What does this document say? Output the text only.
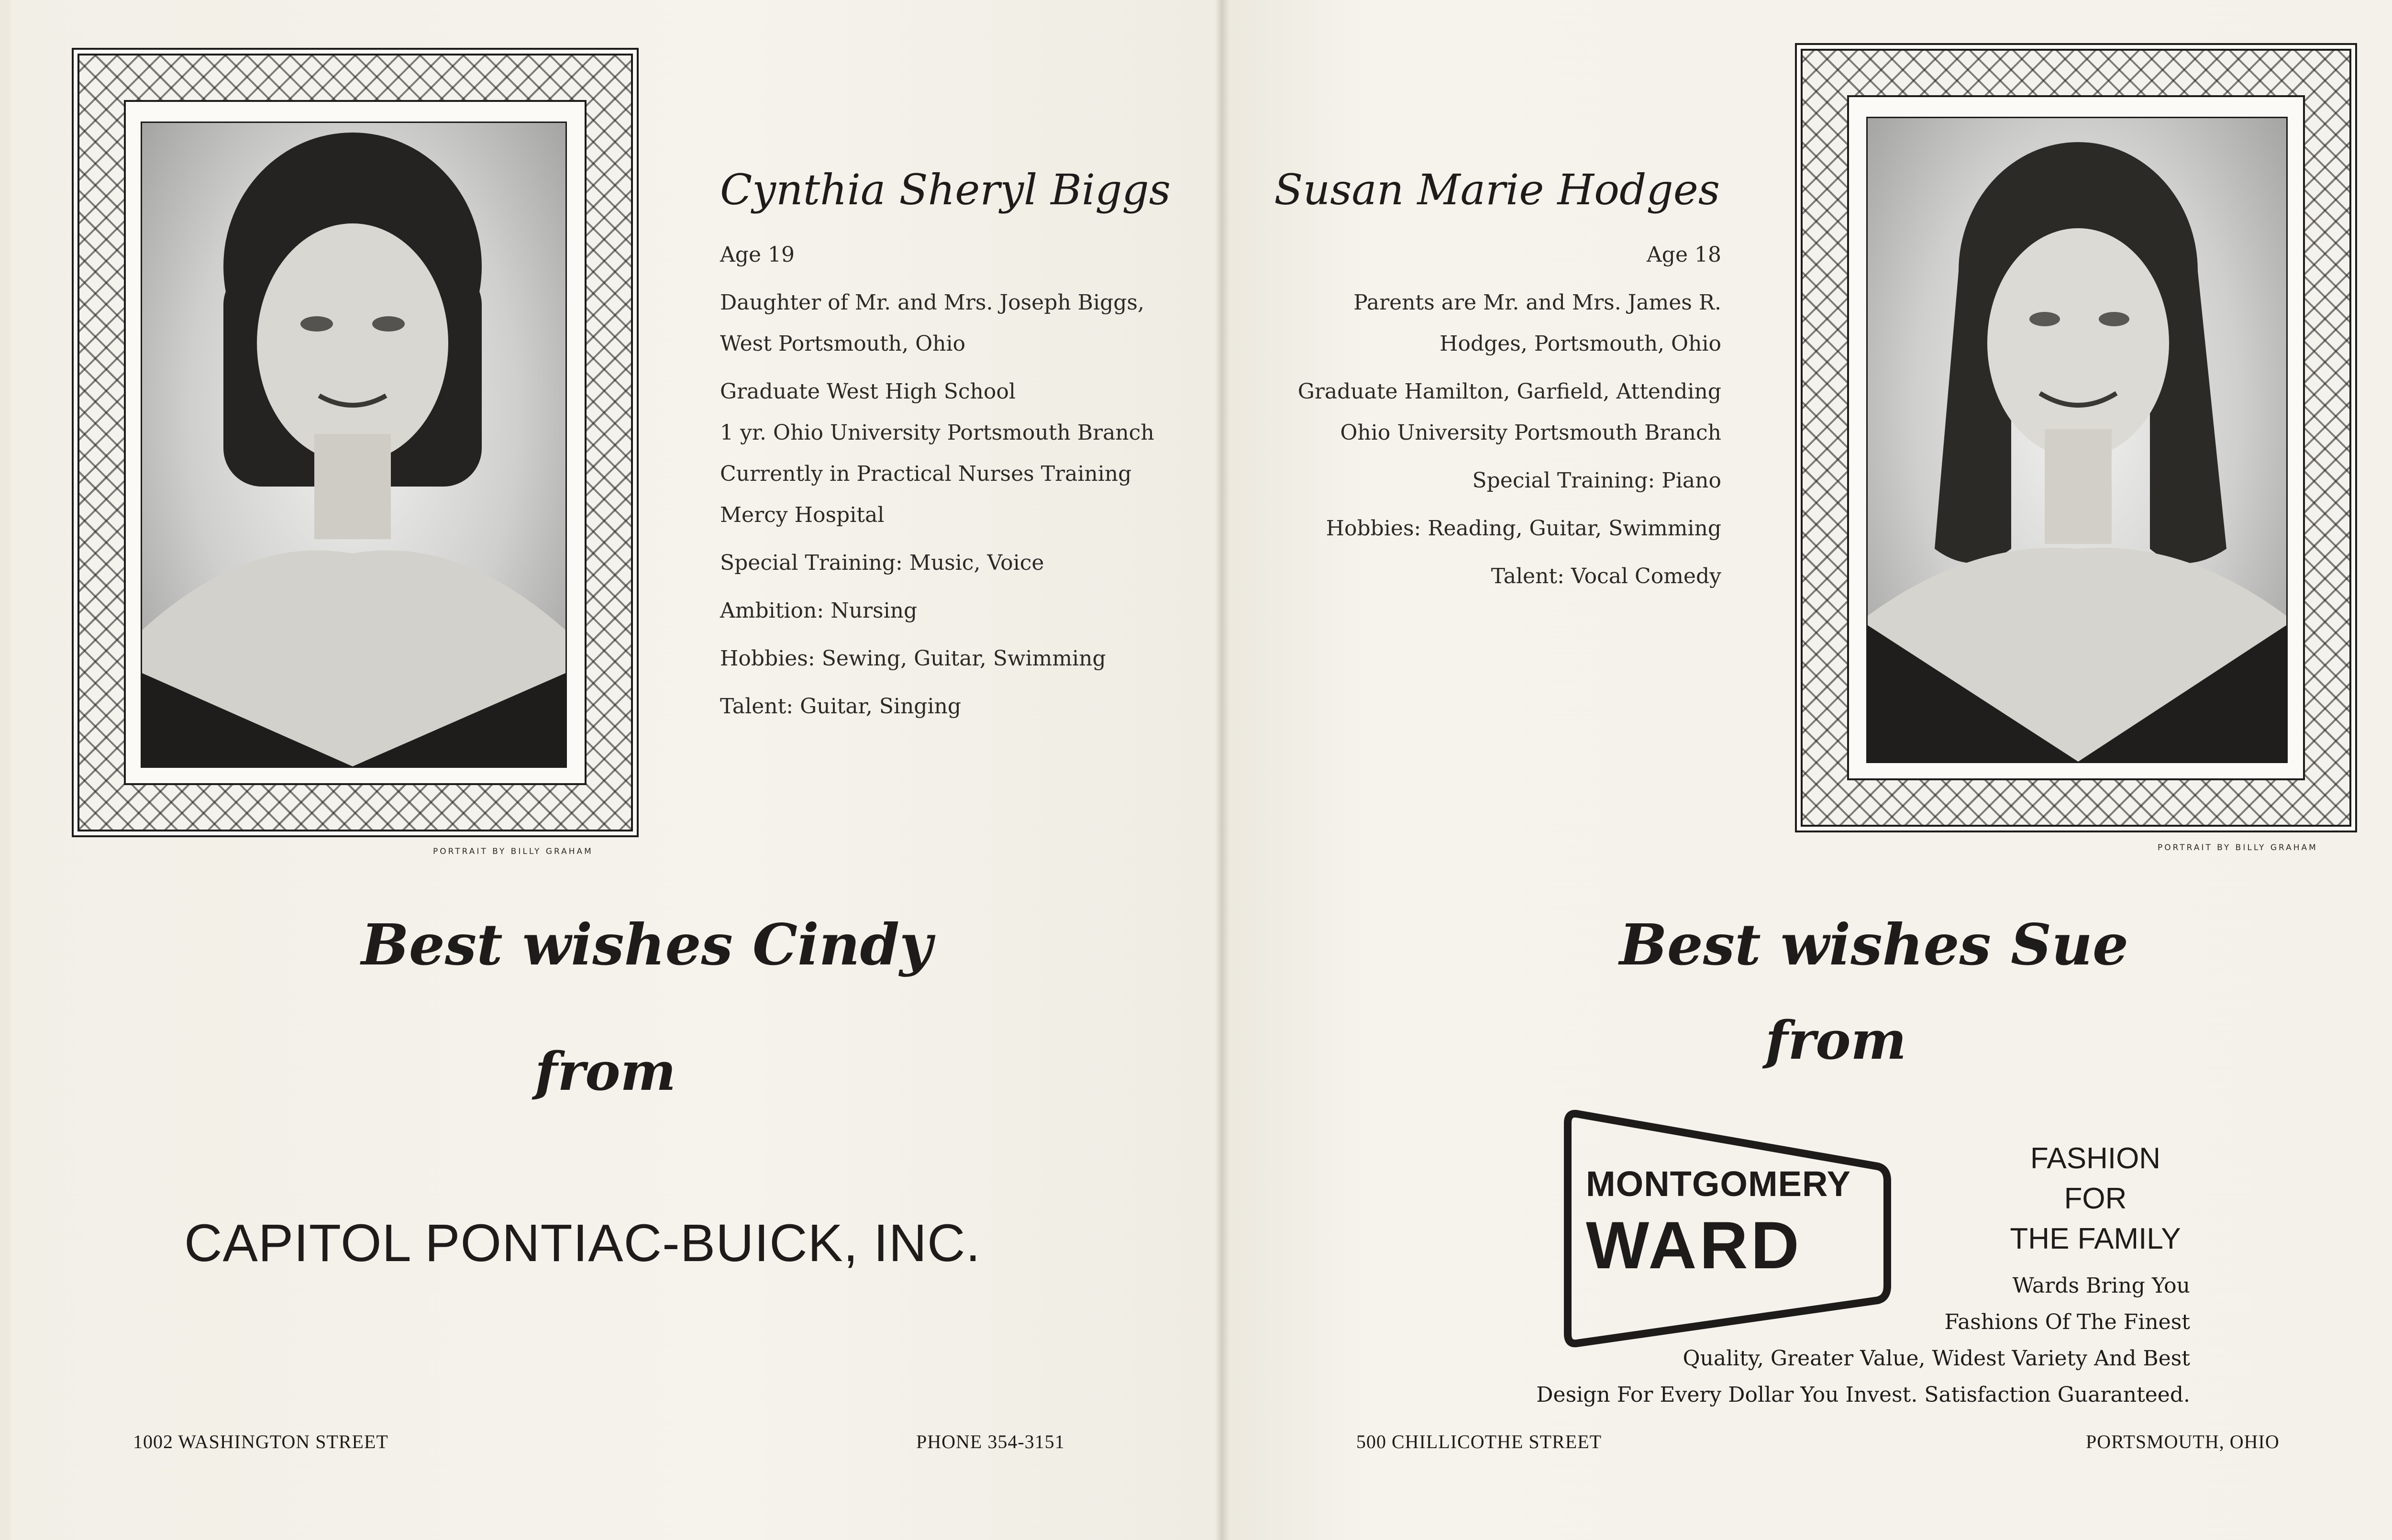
PORTRAIT BY BILLY GRAHAM
Cynthia Sheryl Biggs
Age 19
Daughter of Mr. and Mrs. Joseph Biggs,
West Portsmouth, Ohio
Graduate West High School
1 yr. Ohio University Portsmouth Branch
Currently in Practical Nurses Training
Mercy Hospital
Special Training: Music, Voice
Ambition: Nursing
Hobbies: Sewing, Guitar, Swimming
Talent: Guitar, Singing
Best wishes Cindy
from
CAPITOL PONTIAC-BUICK, INC.
1002 WASHINGTON STREET	PHONE 354-3151
Susan Marie Hodges
Age 18
Parents are Mr. and Mrs. James R.
Hodges, Portsmouth, Ohio
Graduate Hamilton, Garfield, Attending
Ohio University Portsmouth Branch
Special Training: Piano
Hobbies: Reading, Guitar, Swimming
Talent: Vocal Comedy
PORTRAIT BY BILLY GRAHAM
Best wishes Sue
from
MONTGOMERY
WARD
FASHION
FOR
THE FAMILY
Wards Bring You
Fashions Of The Finest
Quality, Greater Value, Widest Variety And Best
Design For Every Dollar You Invest. Satisfaction Guaranteed.
500 CHILLICOTHE STREET	PORTSMOUTH, OHIO
